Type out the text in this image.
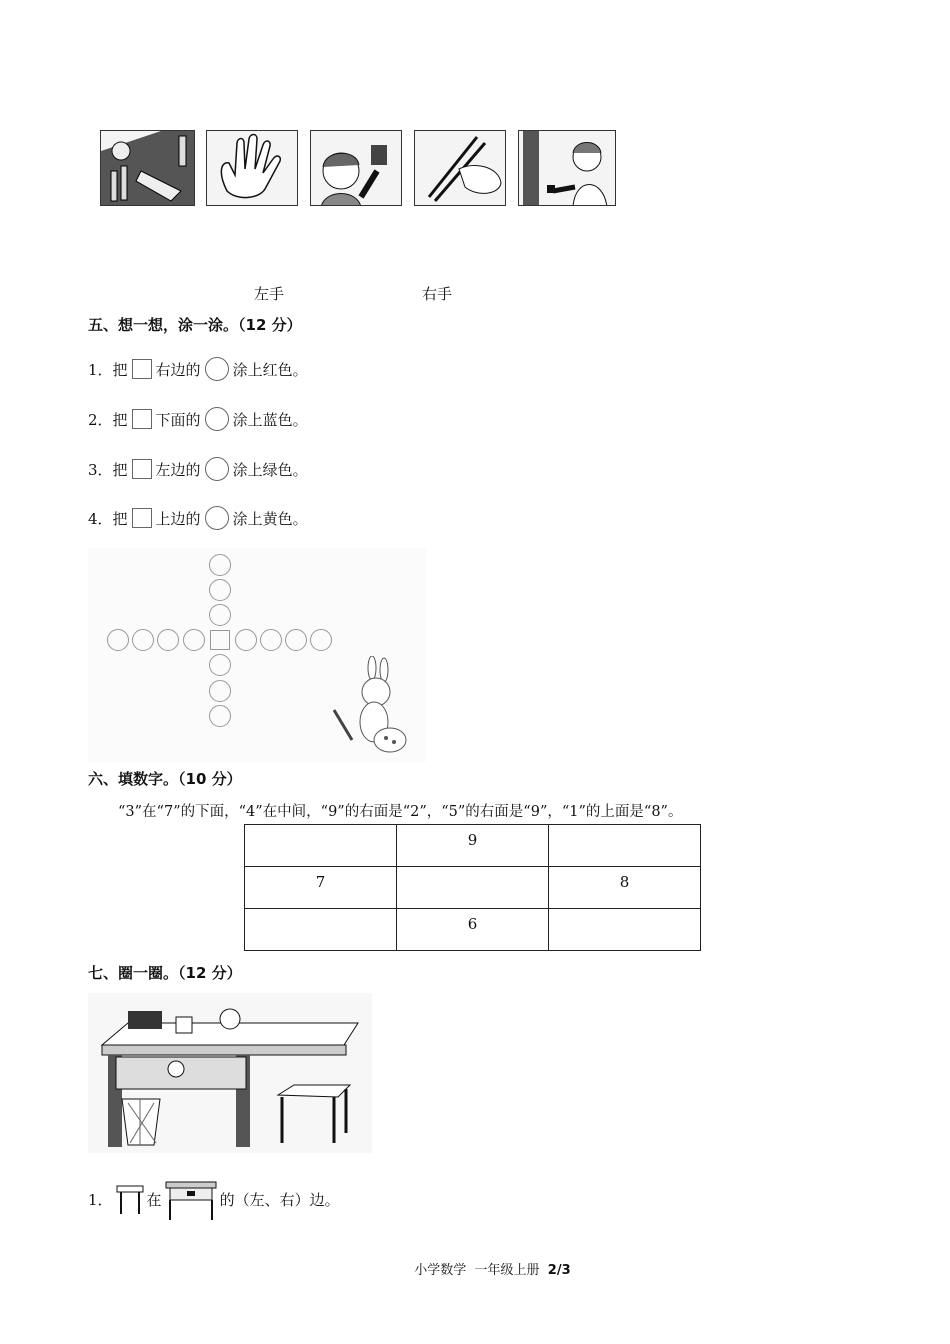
左手	右手
五、想一想，涂一涂。（12 分）
1．把 右边的 涂上红色。
2．把 下面的 涂上蓝色。
3．把 左边的 涂上绿色。
4．把 上边的 涂上黄色。
六、填数字。（10 分）
“3”在“7”的下面，“4”在中间，“9”的右面是“2”，“5”的右面是“9”，“1”的上面是“8”。
	9	
7		8
	6	
七、圈一圈。（12 分）
1． 在	的（左、右）边。

小学数学  一年级上册  2/3
